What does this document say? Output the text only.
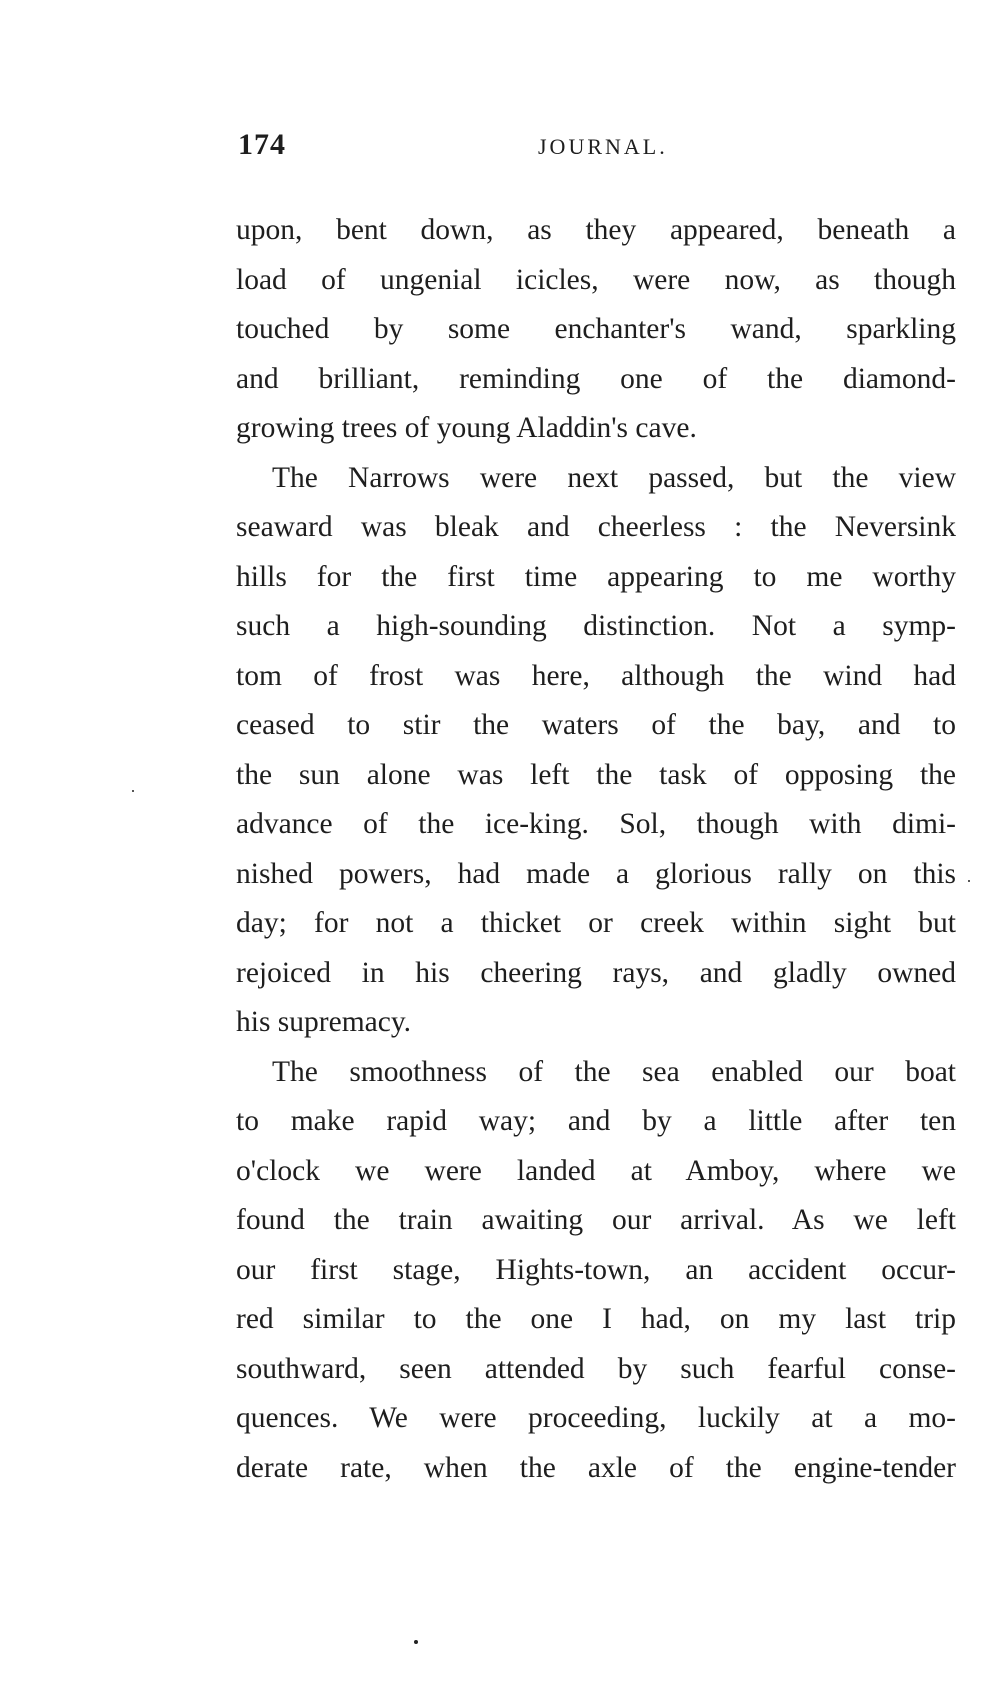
174	JOURNAL.
upon, bent down, as they appeared, beneath a
load of ungenial icicles, were now, as though
touched by some enchanter's wand, sparkling
and brilliant, reminding one of the diamond-
growing trees of young Aladdin's cave.
The Narrows were next passed, but the view
seaward was bleak and cheerless : the Neversink
hills for the first time appearing to me worthy
such a high-sounding distinction. Not a symp-
tom of frost was here, although the wind had
ceased to stir the waters of the bay, and to
the sun alone was left the task of opposing the
advance of the ice-king. Sol, though with dimi-
nished powers, had made a glorious rally on this
day; for not a thicket or creek within sight but
rejoiced in his cheering rays, and gladly owned
his supremacy.
The smoothness of the sea enabled our boat
to make rapid way; and by a little after ten
o'clock we were landed at Amboy, where we
found the train awaiting our arrival. As we left
our first stage, Hights-town, an accident occur-
red similar to the one I had, on my last trip
southward, seen attended by such fearful conse-
quences. We were proceeding, luckily at a mo-
derate rate, when the axle of the engine-tender
